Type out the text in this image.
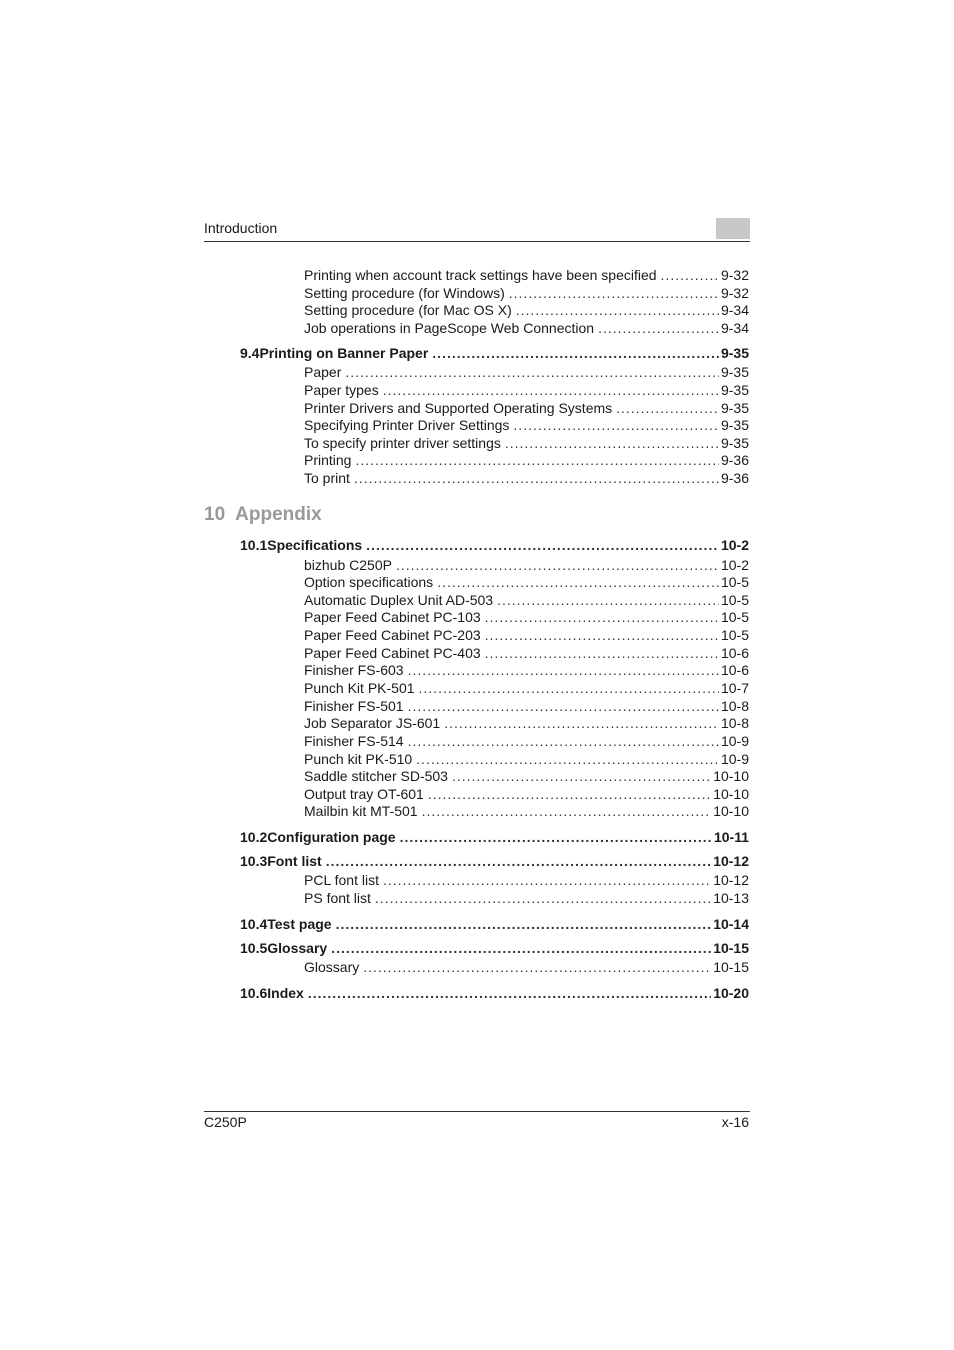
Introduction
10 Appendix
Printing when account track settings have been specified .....	9-32
Setting procedure (for Windows) .....	9-32
Setting procedure (for Mac OS X) .....	9-34
Job operations in PageScope Web Connection .....	9-34
9.4 Printing on Banner Paper .....	9-35
Paper .....	9-35
Paper types .....	9-35
Printer Drivers and Supported Operating Systems .....	9-35
Specifying Printer Driver Settings .....	9-35
To specify printer driver settings .....	9-35
Printing .....	9-36
To print .....	9-36
10.1 Specifications .....	10-2
bizhub C250P .....	10-2
Option specifications .....	10-5
Automatic Duplex Unit AD-503 .....	10-5
Paper Feed Cabinet PC-103 .....	10-5
Paper Feed Cabinet PC-203 .....	10-5
Paper Feed Cabinet PC-403 .....	10-6
Finisher FS-603 .....	10-6
Punch Kit PK-501 .....	10-7
Finisher FS-501 .....	10-8
Job Separator JS-601 .....	10-8
Finisher FS-514 .....	10-9
Punch kit PK-510 .....	10-9
Saddle stitcher SD-503 .....	10-10
Output tray OT-601 .....	10-10
Mailbin kit MT-501 .....	10-10
10.2 Configuration page .....	10-11
10.3 Font list .....	10-12
PCL font list .....	10-12
PS font list .....	10-13
10.4 Test page .....	10-14
10.5 Glossary .....	10-15
Glossary .....	10-15
10.6 Index .....	10-20
C250P	x-16
